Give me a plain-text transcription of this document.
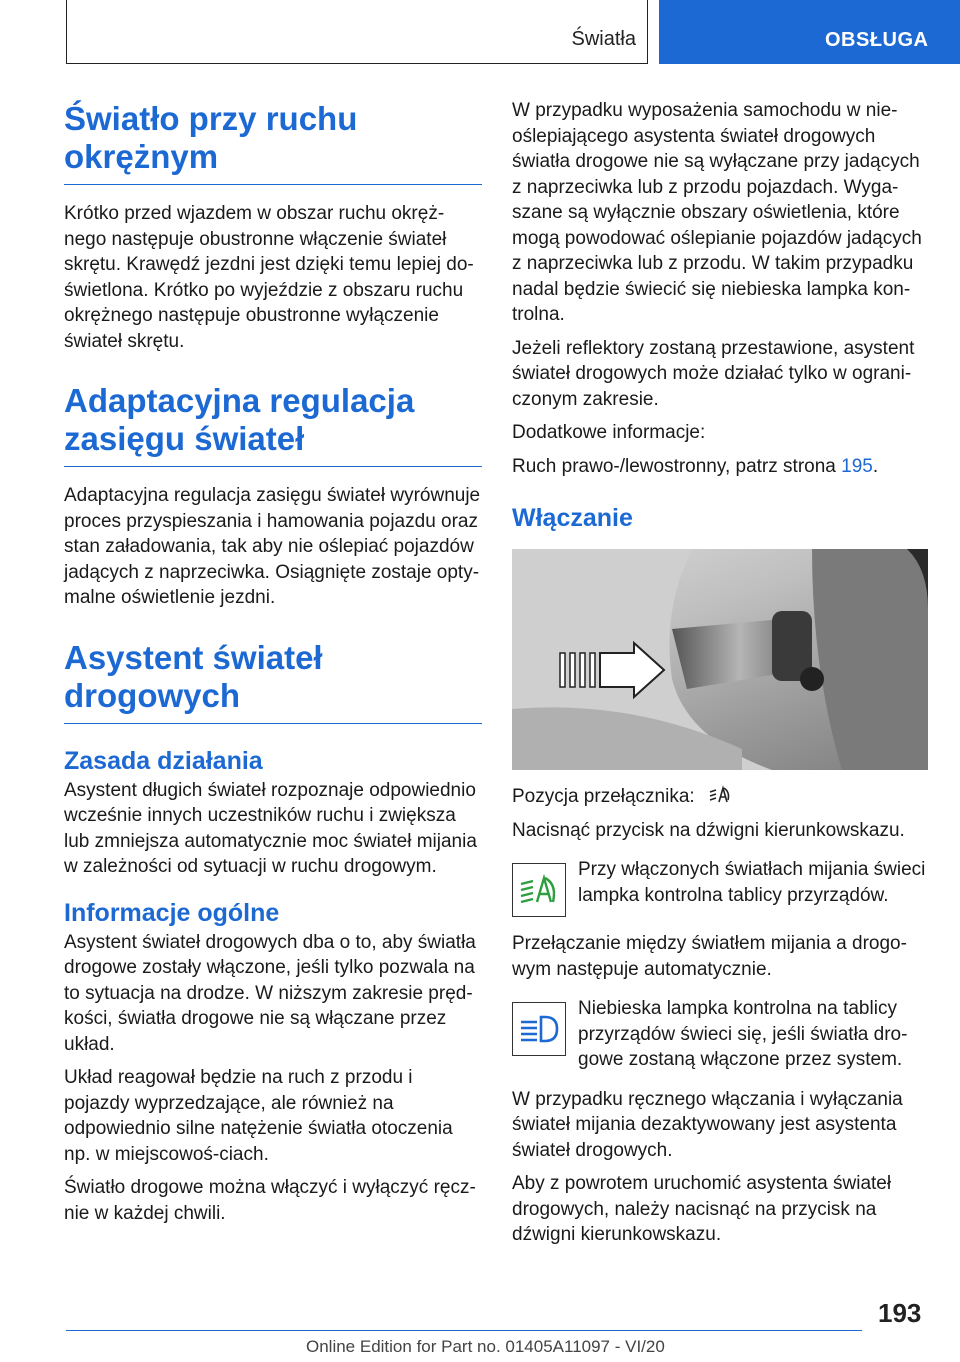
Światła	OBSŁUGA
Światło przy ruchu okrężnym

Krótko przed wjazdem w obszar ruchu okręż-nego następuje obustronne włączenie świateł skrętu. Krawędź jezdni jest dzięki temu lepiej do-świetlona. Krótko po wyjeździe z obszaru ruchu okrężnego następuje obustronne wyłączenie świateł skrętu.

Adaptacyjna regulacja zasięgu świateł

Adaptacyjna regulacja zasięgu świateł wyrównuje proces przyspieszania i hamowania pojazdu oraz stan załadowania, tak aby nie oślepiać pojazdów jadących z naprzeciwka. Osiągnięte zostaje opty-malne oświetlenie jezdni.

Asystent świateł drogowych
Zasada działania

Asystent długich świateł rozpoznaje odpowiednio wcześnie innych uczestników ruchu i zwiększa lub zmniejsza automatycznie moc świateł mijania w zależności od sytuacji w ruchu drogowym.

Informacje ogólne

Asystent świateł drogowych dba o to, aby światła drogowe zostały włączone, jeśli tylko pozwala na to sytuacja na drodze. W niższym zakresie pręd-kości, światła drogowe nie są włączane przez układ.

Układ reagował będzie na ruch z przodu i pojazdy wyprzedzające, ale również na odpowiednio silne natężenie światła otoczenia np. w miejscowoś-ciach.

Światło drogowe można włączyć i wyłączyć ręcz-nie w każdej chwili.

W przypadku wyposażenia samochodu w nie-oślepiającego asystenta świateł drogowych światła drogowe nie są wyłączane przy jadących z naprzeciwka lub z przodu pojazdach. Wyga-szane są wyłącznie obszary oświetlenia, które mogą powodować oślepianie pojazdów jadących z naprzeciwka lub z przodu. W takim przypadku nadal będzie świecić się niebieska lampka kon-trolna.

Jeżeli reflektory zostaną przestawione, asystent świateł drogowych może działać tylko w ograni-czonym zakresie.

Dodatkowe informacje:

Ruch prawo-/lewostronny, patrz strona 195.

Włączanie

Pozycja przełącznika:

Nacisnąć przycisk na dźwigni kierunkowskazu.

Przy włączonych światłach mijania świeci lampka kontrolna tablicy przyrządów.

Przełączanie między światłem mijania a drogo-wym następuje automatycznie.

Niebieska lampka kontrolna na tablicy przyrządów świeci się, jeśli światła dro-gowe zostaną włączone przez system.

W przypadku ręcznego włączania i wyłączania świateł mijania dezaktywowany jest asystenta świateł drogowych.

Aby z powrotem uruchomić asystenta świateł drogowych, należy nacisnąć na przycisk na dźwigni kierunkowskazu.

193
Online Edition for Part no. 01405A11097 - VI/20
